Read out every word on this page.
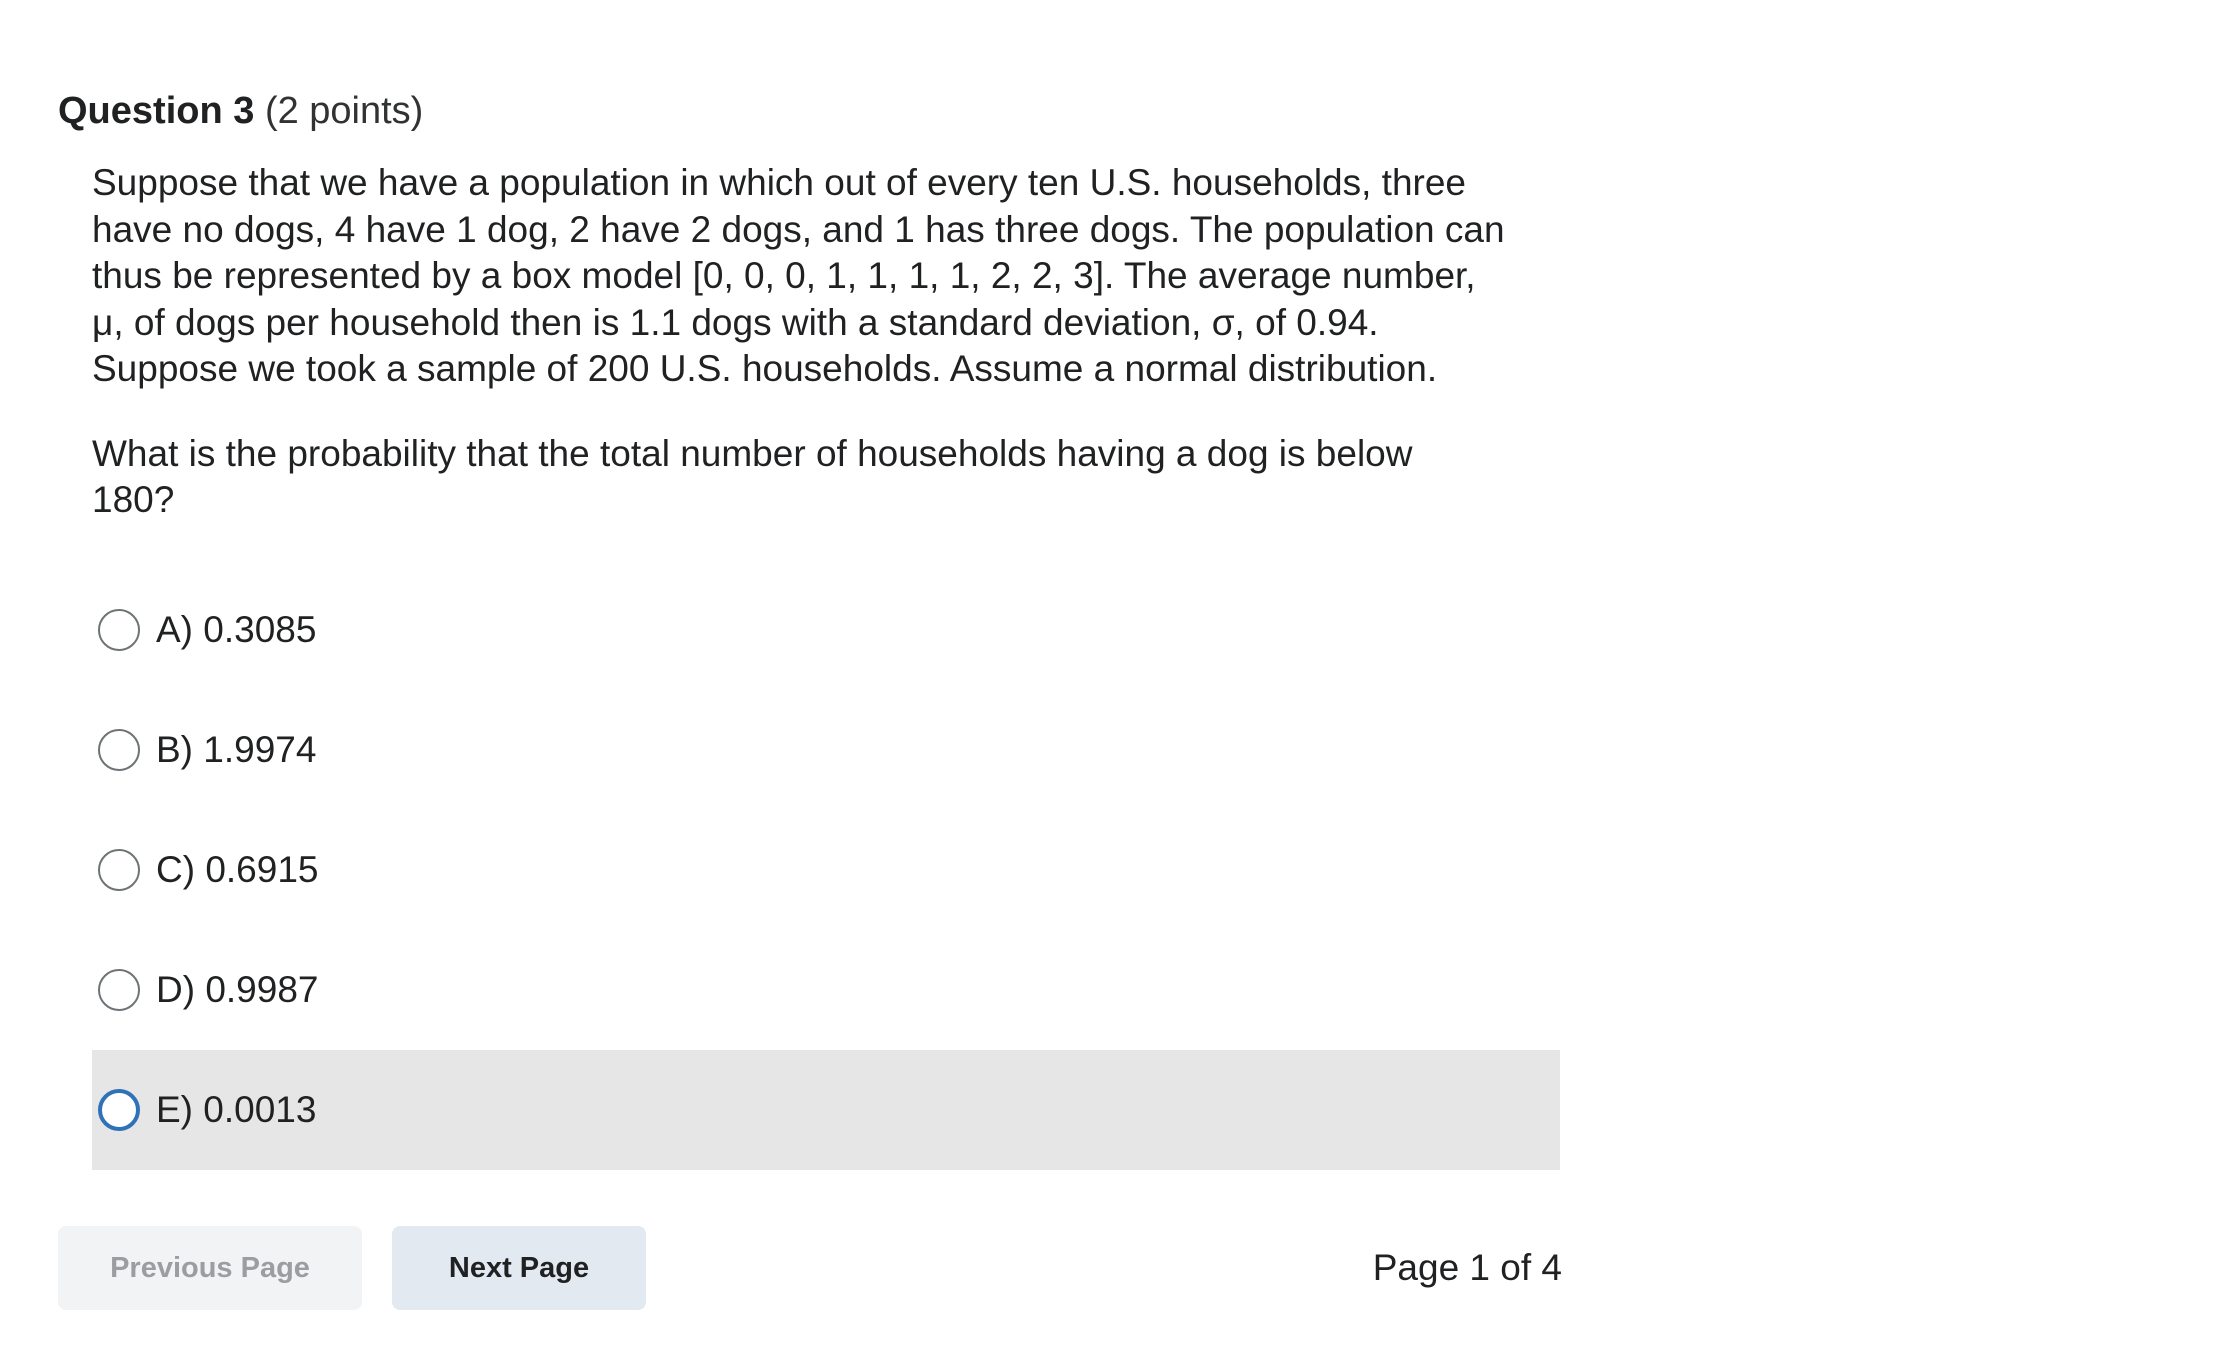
Question 3 (2 points)

Suppose that we have a population in which out of every ten U.S. households, three
have no dogs, 4 have 1 dog, 2 have 2 dogs, and 1 has three dogs. The population can
thus be represented by a box model [0, 0, 0, 1, 1, 1, 1, 2, 2, 3]. The average number,
μ, of dogs per household then is 1.1 dogs with a standard deviation, σ, of 0.94.
Suppose we took a sample of 200 U.S. households. Assume a normal distribution.

What is the probability that the total number of households having a dog is below
180?

A) 0.3085
B) 1.9974
C) 0.6915
D) 0.9987
E) 0.0013
Previous Page	Next Page	Page 1 of 4
